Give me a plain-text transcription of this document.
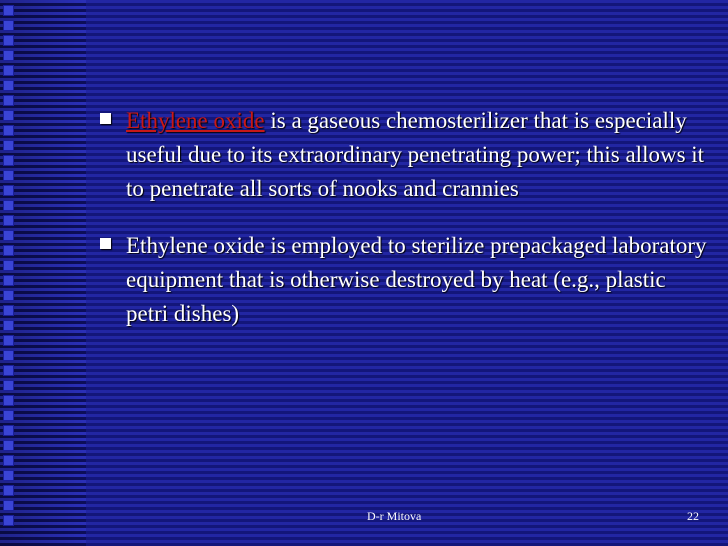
Ethylene oxide is a gaseous chemosterilizer that is especially useful due to its extraordinary penetrating power; this allows it to penetrate all sorts of nooks and crannies
Ethylene oxide is employed to sterilize prepackaged laboratory equipment that is otherwise destroyed by heat (e.g., plastic petri dishes)
D-r Mitova	22
